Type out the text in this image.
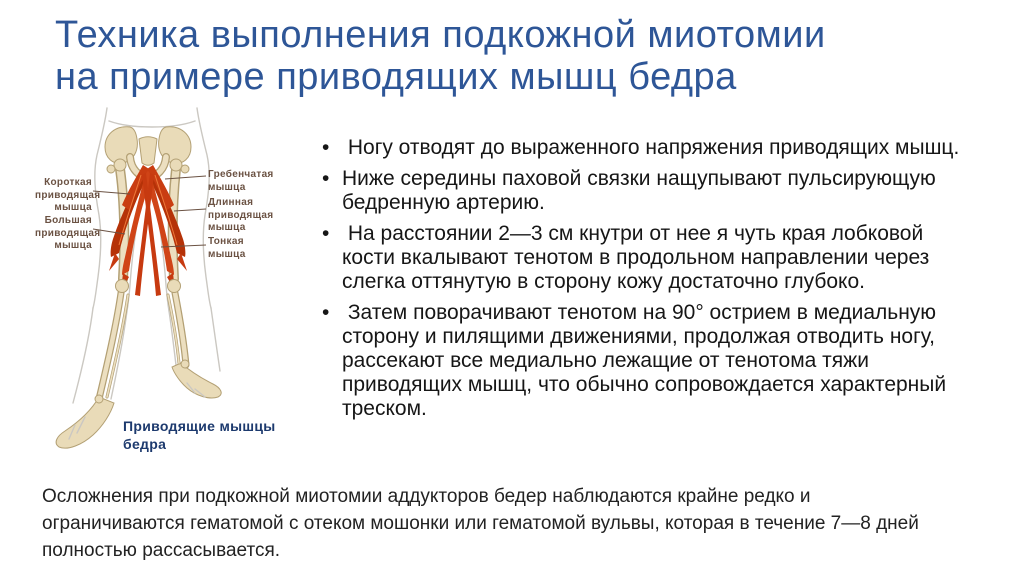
Техника выполнения подкожной миотомии
на примере приводящих мышц бедра
Короткая
приводящая
мышца
Большая
приводящая
мышца
Гребенчатая
мышца
Длинная
приводящая
мышца
Тонкая
мышца
Приводящие мышцы бедра
•  Ногу отводят до выраженного напряжения приводящих мышц.
• Ниже середины паховой связки нащупывают пульсирующую бедренную артерию.
•  На расстоянии 2—3 см кнутри от нее я чуть края лобковой кости вкалывают тенотом в продольном направлении через слегка оттянутую в сторону кожу достаточно глубоко.
•  Затем поворачивают тенотом на 90° острием в медиальную сторону и пилящими движениями, продолжая отводить ногу, рассекают все медиально лежащие от тенотома тяжи приводящих мышц, что обычно сопровождается характерный треском.

Осложнения при подкожной миотомии аддукторов бедер наблюдаются крайне редко и ограничиваются гематомой с отеком мошонки или гематомой вульвы, которая в течение 7—8 дней полностью рассасывается.
